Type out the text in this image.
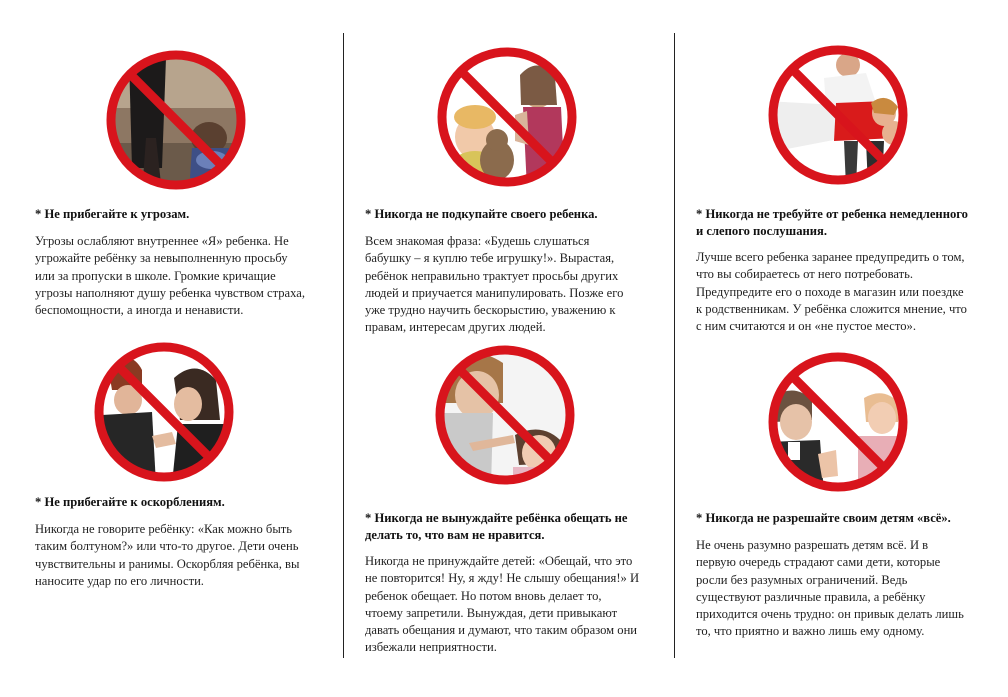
* Не прибегайте к угрозам.
Угрозы ослабляют внутреннее «Я» ребенка. Не
угрожайте ребёнку за невыполненную просьбу
или за пропуски в школе. Громкие кричащие
угрозы наполняют душу ребенка чувством страха,
беспомощности, а иногда и ненависти.
* Никогда не подкупайте своего ребенка.
Всем знакомая фраза: «Будешь слушаться
бабушку – я куплю тебе игрушку!». Вырастая,
ребёнок неправильно трактует просьбы других
людей и приучается манипулировать. Позже его
уже трудно научить бескорыстию, уважению к
правам, интересам других людей.
* Никогда не требуйте от ребенка немедленного
и слепого послушания.
Лучше всего ребенка заранее предупредить о том,
что вы собираетесь от него потребовать.
Предупредите его о походе в магазин или поездке
к родственникам. У ребёнка сложится мнение, что
с ним считаются и он «не пустое место».
* Не прибегайте к оскорблениям.
Никогда не говорите ребёнку: «Как можно быть
таким болтуном?» или что-то другое. Дети очень
чувствительны и ранимы. Оскорбляя ребёнка, вы
наносите удар по его личности.
* Никогда не вынуждайте ребёнка обещать не
делать то, что вам не нравится.
Никогда не принуждайте детей: «Обещай, что это
не повторится! Ну, я жду! Не слышу обещания!» И
ребенок обещает. Но потом вновь делает то,
чтоему запретили. Вынуждая, дети привыкают
давать обещания и думают, что таким образом они
избежали неприятности.
* Никогда не разрешайте своим детям «всё».
Не очень разумно разрешать детям всё. И в
первую очередь страдают сами дети, которые
росли без разумных ограничений. Ведь
существуют различные правила, а ребёнку
приходится очень трудно: он привык делать лишь
то, что приятно и важно лишь ему одному.
